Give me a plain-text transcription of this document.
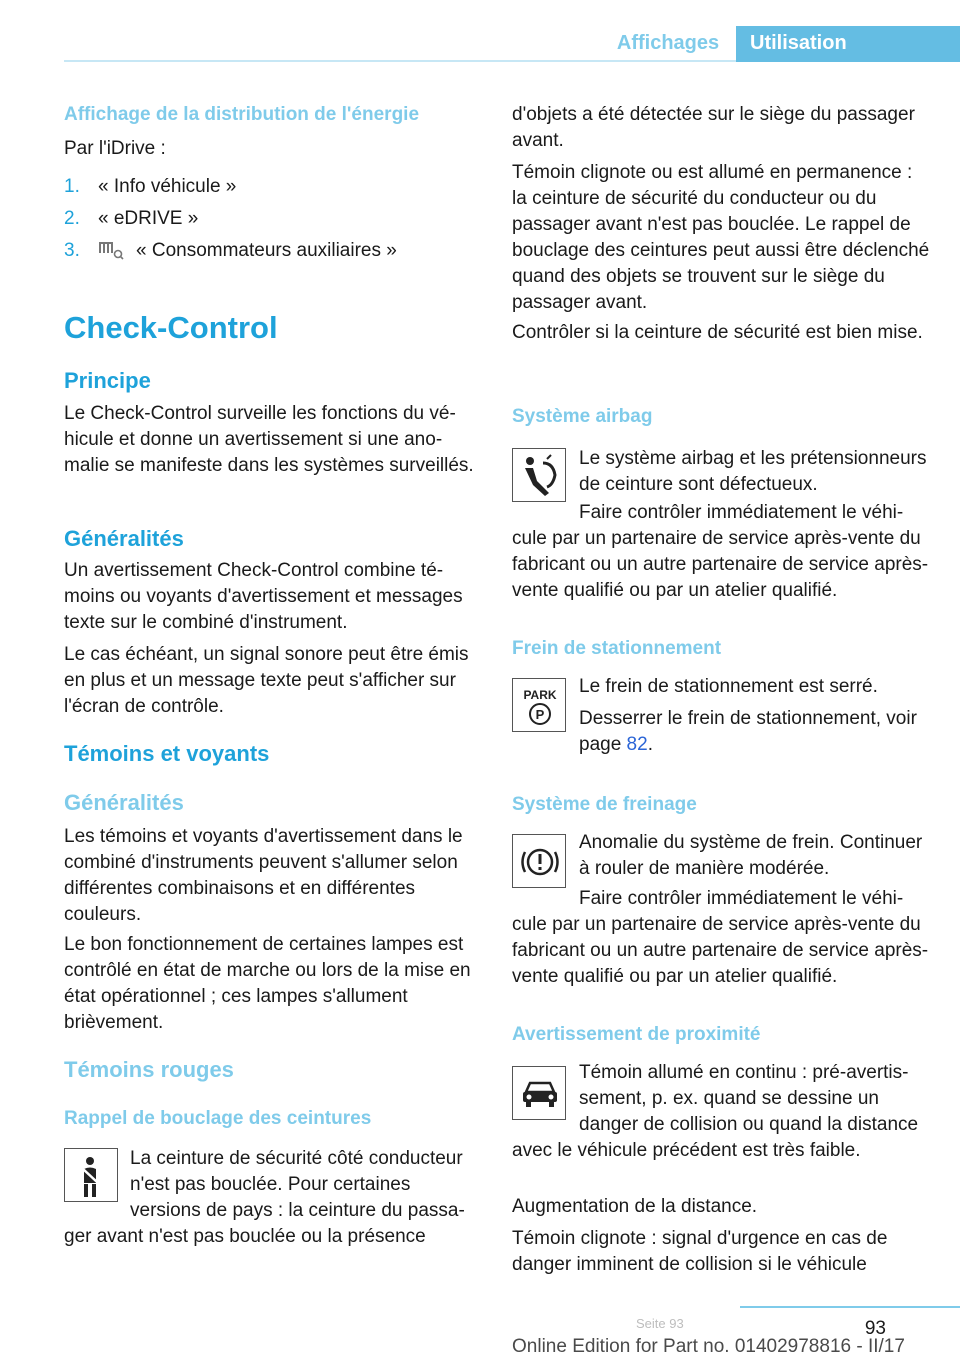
Affichages	Utilisation
Affichage de la distribution de l'énergie
Par l'iDrive :
1. « Info véhicule »
2. « eDRIVE »
3.	« Consommateurs auxiliaires »
Check-Control
Principe
Le Check-Control surveille les fonctions du véhicule et donne un avertissement si une anomalie se manifeste dans les systèmes surveillés.
Généralités
Un avertissement Check-Control combine témoins ou voyants d'avertissement et messages texte sur le combiné d'instrument.
Le cas échéant, un signal sonore peut être émis en plus et un message texte peut s'afficher sur l'écran de contrôle.
Témoins et voyants
Généralités
Les témoins et voyants d'avertissement dans le combiné d'instruments peuvent s'allumer selon différentes combinaisons et en différentes couleurs.
Le bon fonctionnement de certaines lampes est contrôlé en état de marche ou lors de la mise en état opérationnel ; ces lampes s'allument brièvement.
Témoins rouges
Rappel de bouclage des ceintures
La ceinture de sécurité côté conducteur n'est pas bouclée. Pour certaines versions de pays : la ceinture du passager avant n'est pas bouclée ou la présence
d'objets a été détectée sur le siège du passager avant.
Témoin clignote ou est allumé en permanence : la ceinture de sécurité du conducteur ou du passager avant n'est pas bouclée. Le rappel de bouclage des ceintures peut aussi être déclenché quand des objets se trouvent sur le siège du passager avant.
Contrôler si la ceinture de sécurité est bien mise.
Système airbag
Le système airbag et les prétensionneurs de ceinture sont défectueux.
Faire contrôler immédiatement le véhicule par un partenaire de service après-vente du fabricant ou un autre partenaire de service après-vente qualifié ou par un atelier qualifié.
Frein de stationnement
PARK
P
Le frein de stationnement est serré.
Desserrer le frein de stationnement, voir page 82.
Système de freinage
Anomalie du système de frein. Continuer à rouler de manière modérée.
Faire contrôler immédiatement le véhicule par un partenaire de service après-vente du fabricant ou un autre partenaire de service après-vente qualifié ou par un atelier qualifié.
Avertissement de proximité
Témoin allumé en continu : pré-avertissement, p. ex. quand se dessine un danger de collision ou quand la distance avec le véhicule précédent est très faible.
Augmentation de la distance.
Témoin clignote : signal d'urgence en cas de danger imminent de collision si le véhicule
93
Seite 93
Online Edition for Part no. 01402978816 - II/17
